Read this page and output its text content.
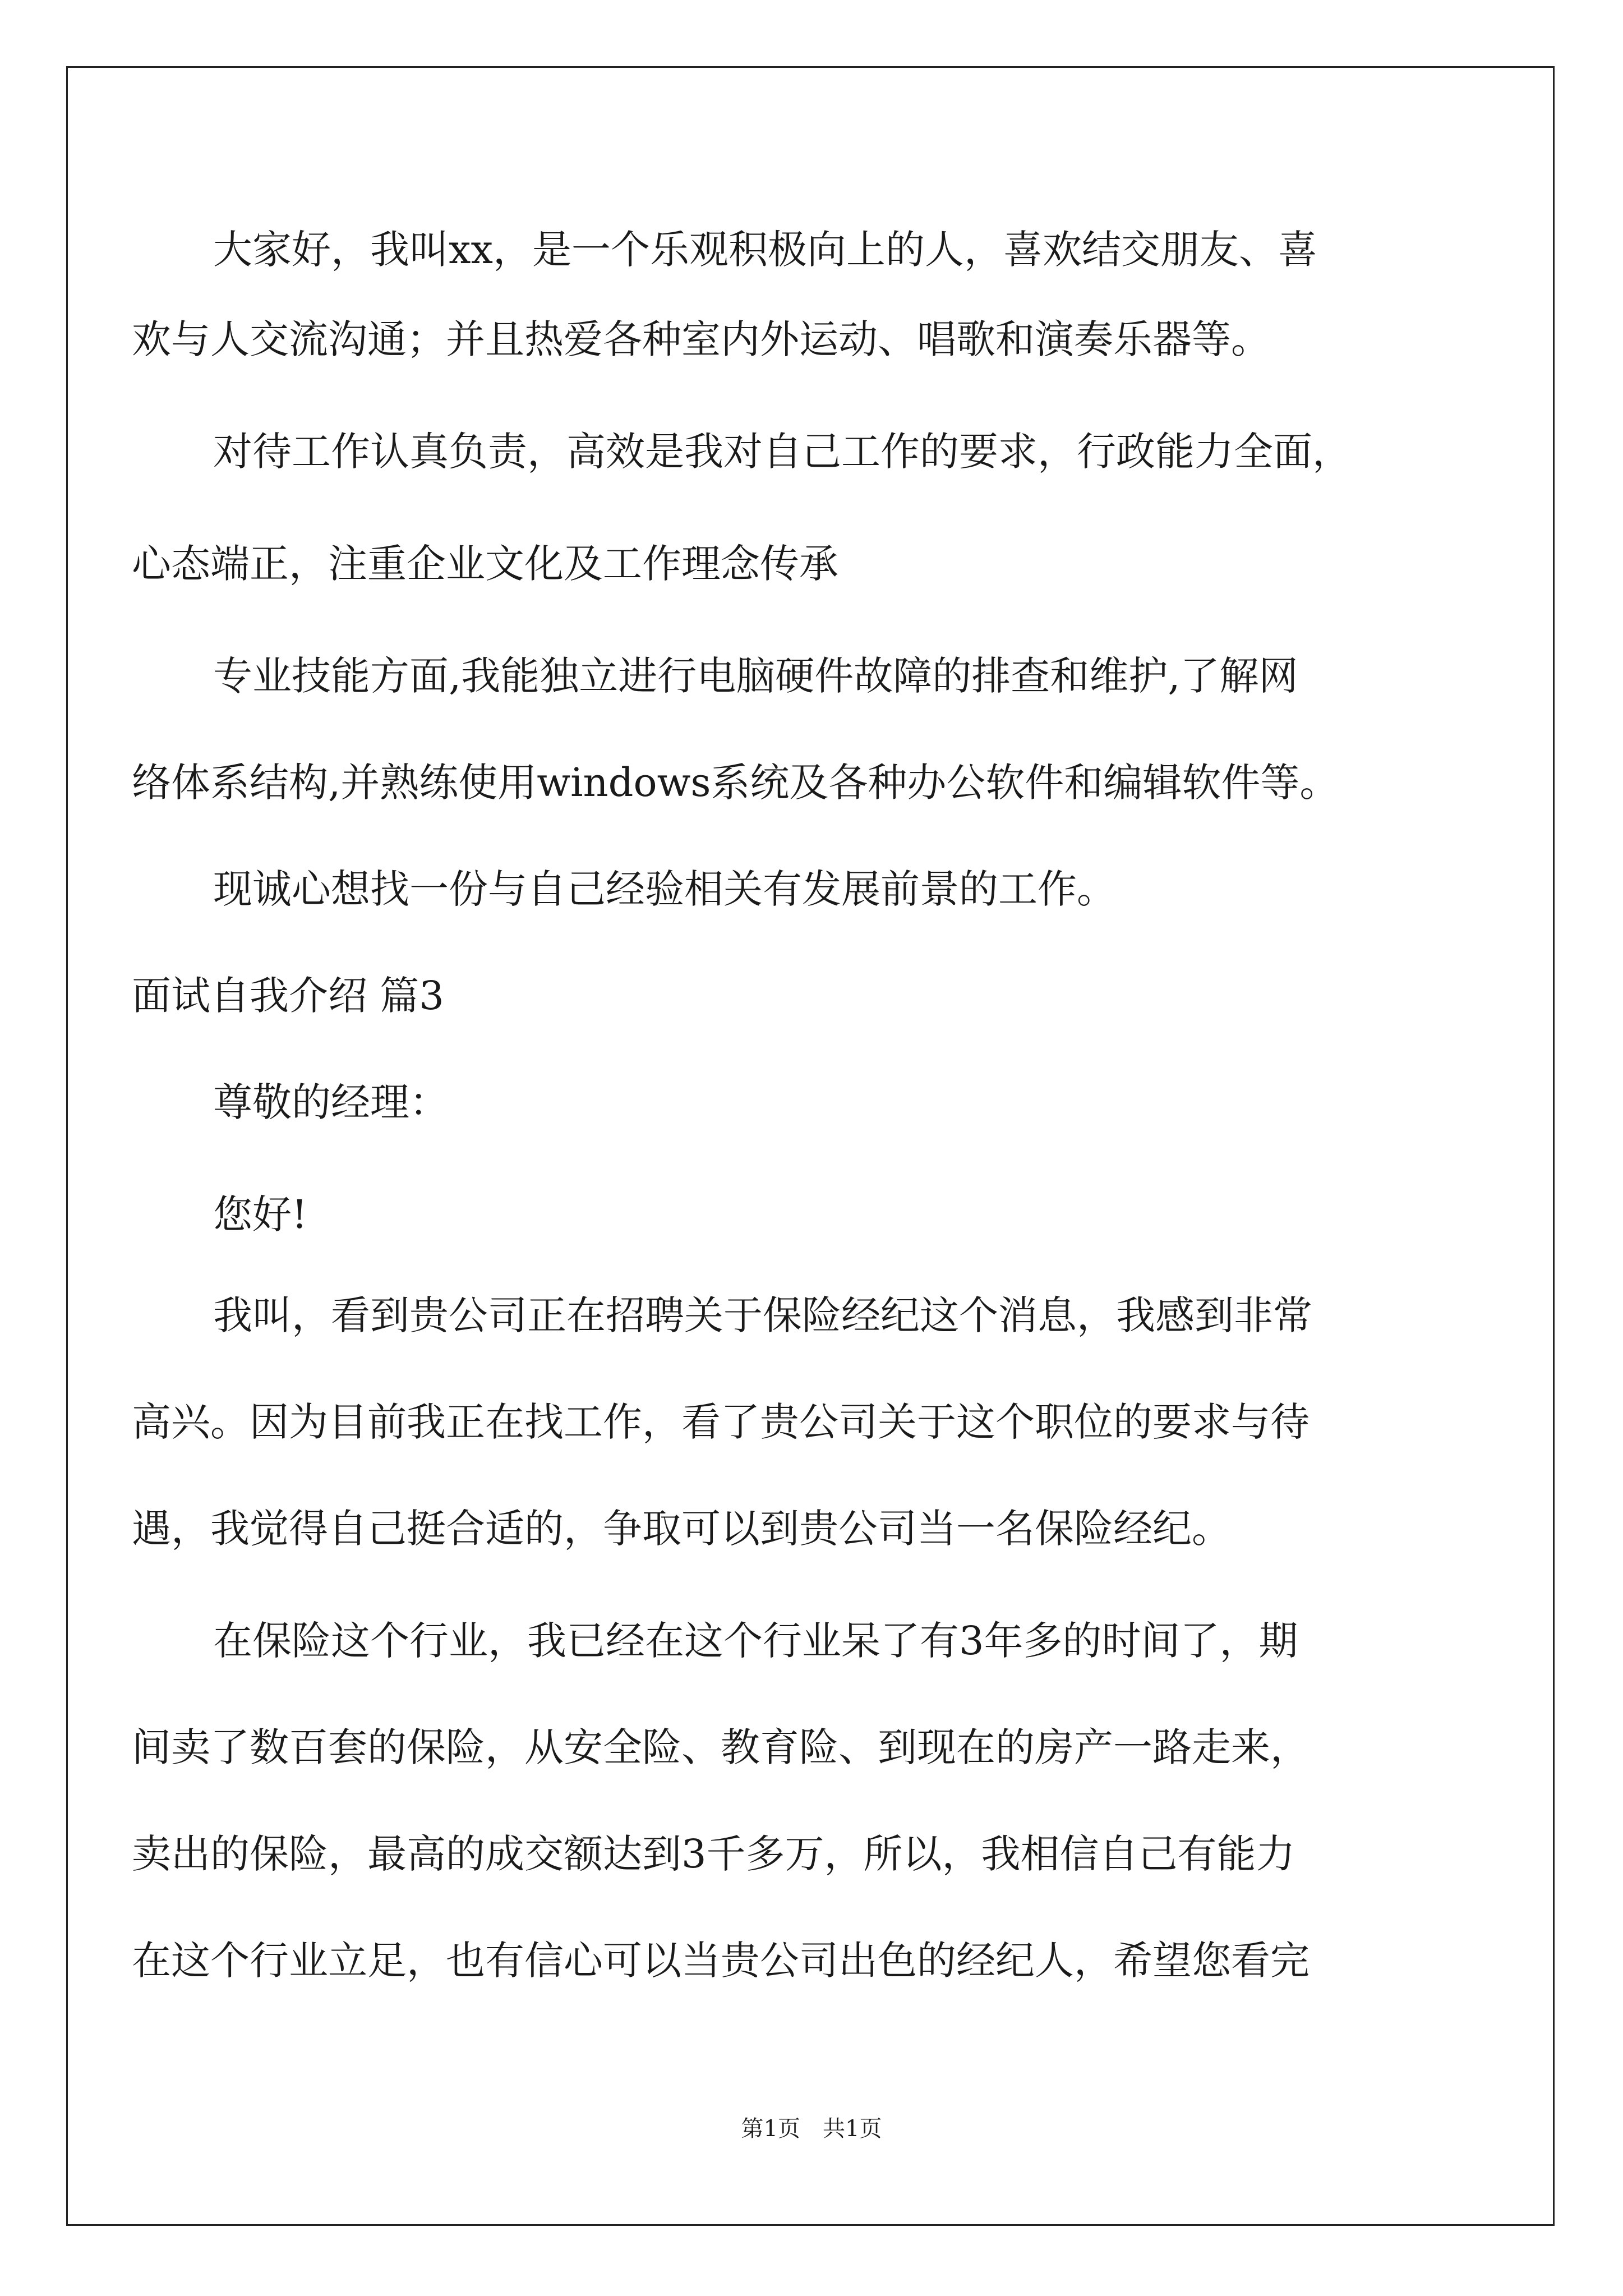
大家好，我叫xx，是一个乐观积极向上的人，喜欢结交朋友、喜
欢与人交流沟通；并且热爱各种室内外运动、唱歌和演奏乐器等。
对待工作认真负责，高效是我对自己工作的要求，行政能力全面，
心态端正，注重企业文化及工作理念传承
专业技能方面,我能独立进行电脑硬件故障的排查和维护,了解网
络体系结构,并熟练使用windows系统及各种办公软件和编辑软件等。
现诚心想找一份与自己经验相关有发展前景的工作。
面试自我介绍 篇3
尊敬的经理：
您好!
我叫，看到贵公司正在招聘关于保险经纪这个消息，我感到非常
高兴。因为目前我正在找工作，看了贵公司关于这个职位的要求与待
遇，我觉得自己挺合适的，争取可以到贵公司当一名保险经纪。
在保险这个行业，我已经在这个行业呆了有3年多的时间了，期
间卖了数百套的保险，从安全险、教育险、到现在的房产一路走来，
卖出的保险，最高的成交额达到3千多万，所以，我相信自己有能力
在这个行业立足，也有信心可以当贵公司出色的经纪人，希望您看完
第1页 共1页
